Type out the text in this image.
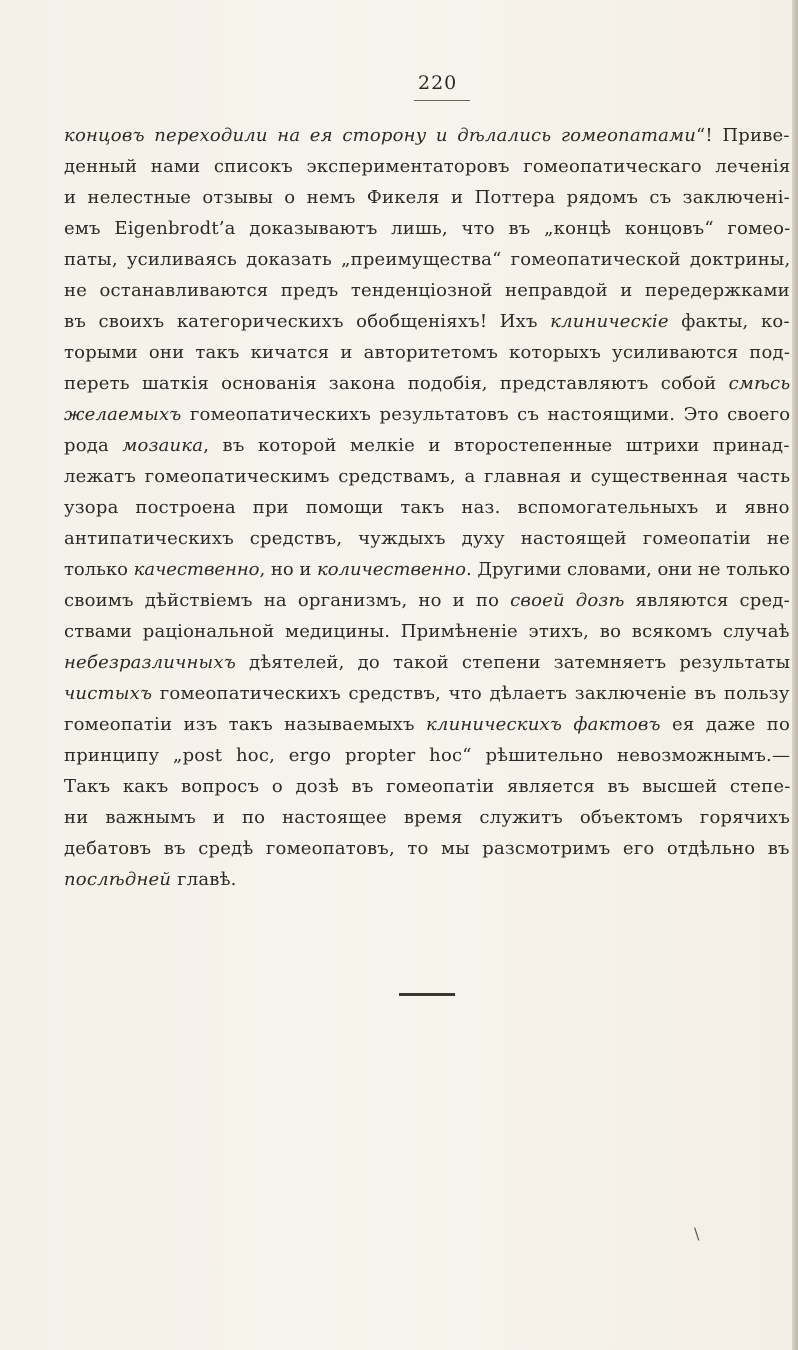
220
концовъ переходили на ея сторону и дѣлались гомеопатами“! Приве-
денный нами списокъ экспериментаторовъ гомеопатическаго леченія
и нелестные отзывы о немъ Фикеля и Поттера рядомъ съ заключені-
емъ Eigenbrodt’a доказываютъ лишь, что въ „концѣ концовъ“ гомео-
паты, усиливаясь доказать „преимущества“ гомеопатической доктрины,
не останавливаются предъ тенденціозной неправдой и передержками
въ своихъ категорическихъ обобщеніяхъ! Ихъ клиническіе факты, ко-
торыми они такъ кичатся и авторитетомъ которыхъ усиливаются под-
переть шаткія основанія закона подобія, представляютъ собой смѣсь
желаемыхъ гомеопатическихъ результатовъ съ настоящими. Это своего
рода мозаика, въ которой мелкіе и второстепенные штрихи принад-
лежатъ гомеопатическимъ средствамъ, а главная и существенная часть
узора построена при помощи такъ наз. вспомогательныхъ и явно
антипатическихъ средствъ, чуждыхъ духу настоящей гомеопатіи не
только качественно, но и количественно. Другими словами, они не только
своимъ дѣйствіемъ на организмъ, но и по своей дозѣ являются сред-
ствами раціональной медицины. Примѣненіе этихъ, во всякомъ случаѣ
небезразличныхъ дѣятелей, до такой степени затемняетъ результаты
чистыхъ гомеопатическихъ средствъ, что дѣлаетъ заключеніе въ пользу
гомеопатіи изъ такъ называемыхъ клиническихъ фактовъ ея даже по
принципу „post hoc, ergo propter hoc“ рѣшительно невозможнымъ.—
Такъ какъ вопросъ о дозѣ въ гомеопатіи является въ высшей степе-
ни важнымъ и по настоящее время служитъ объектомъ горячихъ
дебатовъ въ средѣ гомеопатовъ, то мы разсмотримъ его отдѣльно въ
послѣдней главѣ.
\
